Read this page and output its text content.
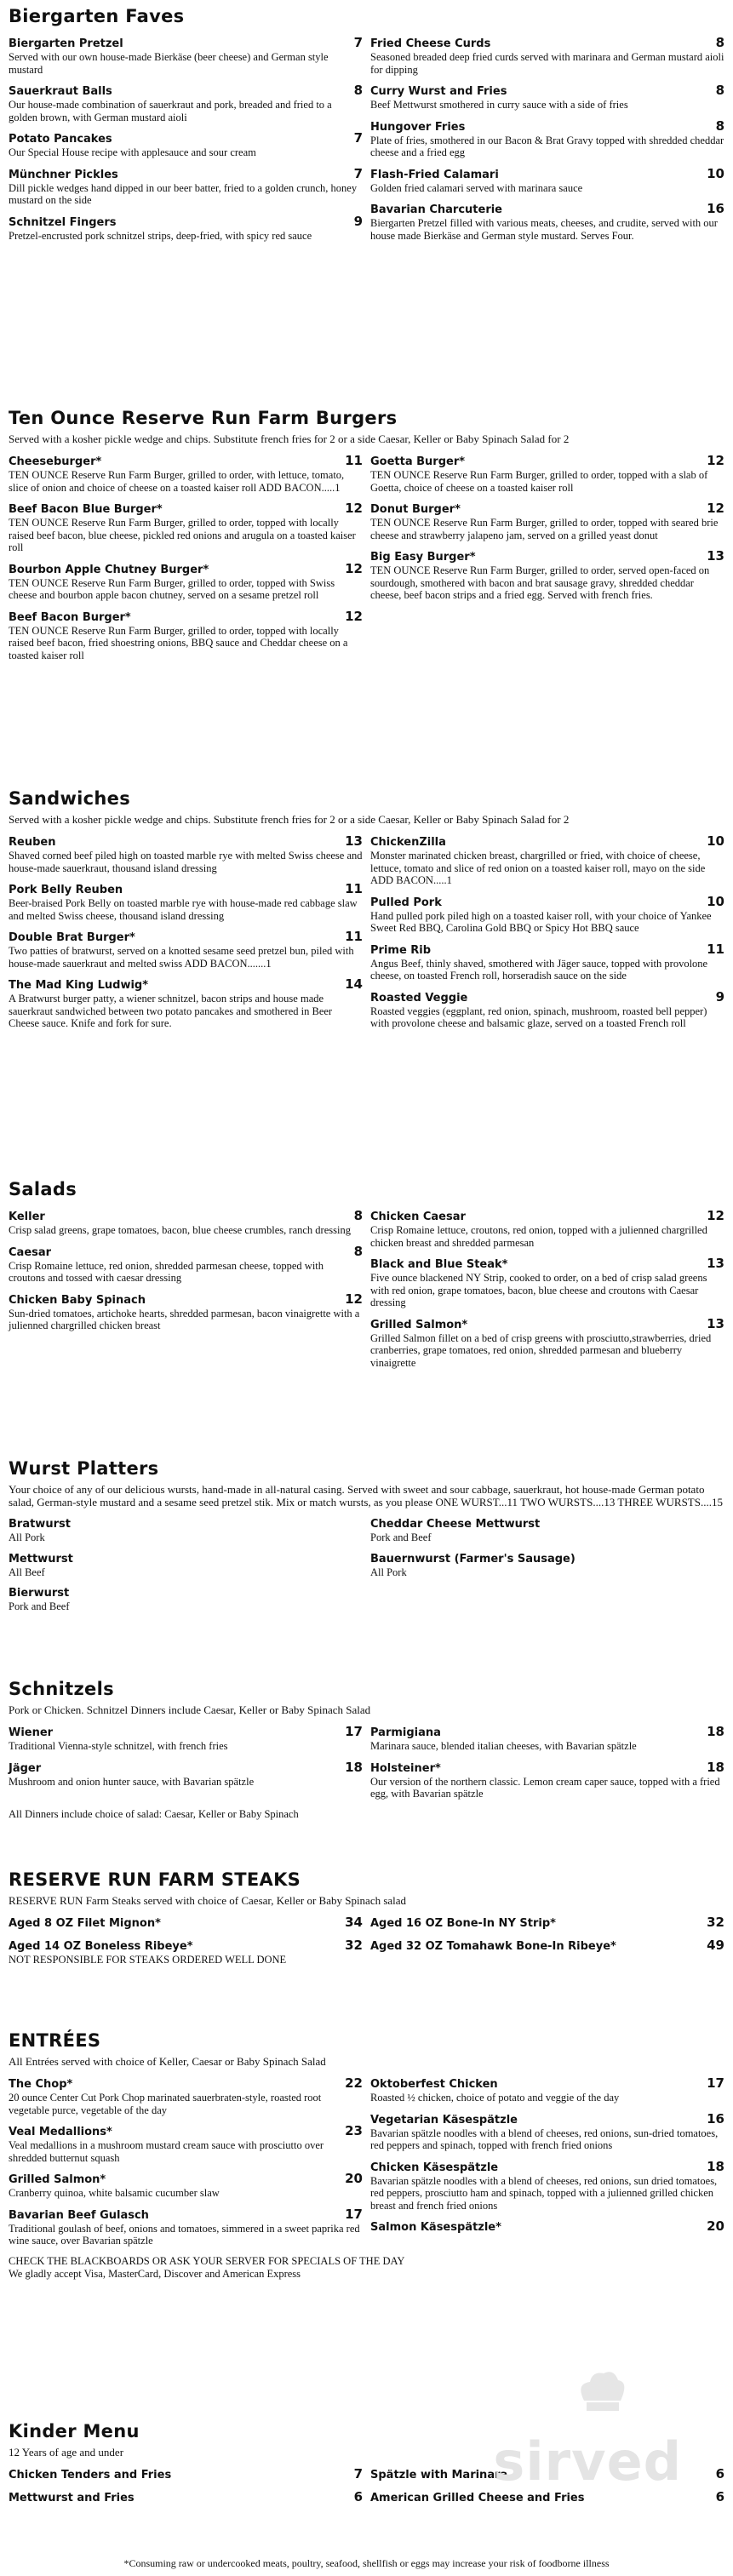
Biergarten Faves
Biergarten Pretzel	7
Served with our own house-made Bierkäse (beer cheese) and German style mustard
Sauerkraut Balls	8
Our house-made combination of sauerkraut and pork, breaded and fried to a golden brown, with German mustard aioli
Potato Pancakes	7
Our Special House recipe with applesauce and sour cream
Münchner Pickles	7
Dill pickle wedges hand dipped in our beer batter, fried to a golden crunch, honey mustard on the side
Schnitzel Fingers	9
Pretzel-encrusted pork schnitzel strips, deep-fried, with spicy red sauce
Fried Cheese Curds	8
Seasoned breaded deep fried curds served with marinara and German mustard aioli for dipping
Curry Wurst and Fries	8
Beef Mettwurst smothered in curry sauce with a side of fries
Hungover Fries	8
Plate of fries, smothered in our Bacon & Brat Gravy topped with shredded cheddar cheese and a fried egg
Flash-Fried Calamari	10
Golden fried calamari served with marinara sauce
Bavarian Charcuterie	16
Biergarten Pretzel filled with various meats, cheeses, and crudite, served with our house made Bierkäse and German style mustard. Serves Four.
Ten Ounce Reserve Run Farm Burgers

Served with a kosher pickle wedge and chips. Substitute french fries for 2 or a side Caesar, Keller or Baby Spinach Salad for 2

Cheeseburger*	11
TEN OUNCE Reserve Run Farm Burger, grilled to order, with lettuce, tomato, slice of onion and choice of cheese on a toasted kaiser roll ADD BACON.....1
Beef Bacon Blue Burger*	12
TEN OUNCE Reserve Run Farm Burger, grilled to order, topped with locally raised beef bacon, blue cheese, pickled red onions and arugula on a toasted kaiser roll
Bourbon Apple Chutney Burger*	12
TEN OUNCE Reserve Run Farm Burger, grilled to order, topped with Swiss cheese and bourbon apple bacon chutney, served on a sesame pretzel roll
Beef Bacon Burger*	12
TEN OUNCE Reserve Run Farm Burger, grilled to order, topped with locally raised beef bacon, fried shoestring onions, BBQ sauce and Cheddar cheese on a toasted kaiser roll
Goetta Burger*	12
TEN OUNCE Reserve Run Farm Burger, grilled to order, topped with a slab of Goetta, choice of cheese on a toasted kaiser roll
Donut Burger*	12
TEN OUNCE Reserve Run Farm Burger, grilled to order, topped with seared brie cheese and strawberry jalapeno jam, served on a grilled yeast donut
Big Easy Burger*	13
TEN OUNCE Reserve Run Farm Burger, grilled to order, served open-faced on sourdough, smothered with bacon and brat sausage gravy, shredded cheddar cheese, beef bacon strips and a fried egg. Served with french fries.
Sandwiches

Served with a kosher pickle wedge and chips. Substitute french fries for 2 or a side Caesar, Keller or Baby Spinach Salad for 2

Reuben	13
Shaved corned beef piled high on toasted marble rye with melted Swiss cheese and house-made sauerkraut, thousand island dressing
Pork Belly Reuben	11
Beer-braised Pork Belly on toasted marble rye with house-made red cabbage slaw and melted Swiss cheese, thousand island dressing
Double Brat Burger*	11
Two patties of bratwurst, served on a knotted sesame seed pretzel bun, piled with house-made sauerkraut and melted swiss ADD BACON.......1
The Mad King Ludwig*	14
A Bratwurst burger patty, a wiener schnitzel, bacon strips and house made sauerkraut sandwiched between two potato pancakes and smothered in Beer Cheese sauce. Knife and fork for sure.
ChickenZilla	10
Monster marinated chicken breast, chargrilled or fried, with choice of cheese, lettuce, tomato and slice of red onion on a toasted kaiser roll, mayo on the side ADD BACON.....1
Pulled Pork	10
Hand pulled pork piled high on a toasted kaiser roll, with your choice of Yankee Sweet Red BBQ, Carolina Gold BBQ or Spicy Hot BBQ sauce
Prime Rib	11
Angus Beef, thinly shaved, smothered with Jäger sauce, topped with provolone cheese, on toasted French roll, horseradish sauce on the side
Roasted Veggie	9
Roasted veggies (eggplant, red onion, spinach, mushroom, roasted bell pepper) with provolone cheese and balsamic glaze, served on a toasted French roll
Salads
Keller	8
Crisp salad greens, grape tomatoes, bacon, blue cheese crumbles, ranch dressing
Caesar	8
Crisp Romaine lettuce, red onion, shredded parmesan cheese, topped with croutons and tossed with caesar dressing
Chicken Baby Spinach	12
Sun-dried tomatoes, artichoke hearts, shredded parmesan, bacon vinaigrette with a julienned chargrilled chicken breast
Chicken Caesar	12
Crisp Romaine lettuce, croutons, red onion, topped with a julienned chargrilled chicken breast and shredded parmesan
Black and Blue Steak*	13
Five ounce blackened NY Strip, cooked to order, on a bed of crisp salad greens with red onion, grape tomatoes, bacon, blue cheese and croutons with Caesar dressing
Grilled Salmon*	13
Grilled Salmon fillet on a bed of crisp greens with prosciutto,strawberries, dried cranberries, grape tomatoes, red onion, shredded parmesan and blueberry vinaigrette
Wurst Platters

Your choice of any of our delicious wursts, hand-made in all-natural casing. Served with sweet and sour cabbage, sauerkraut, hot house-made German potato salad, German-style mustard and a sesame seed pretzel stik. Mix or match wursts, as you please ONE WURST...11 TWO WURSTS....13 THREE WURSTS....15

Bratwurst
All Pork
Mettwurst
All Beef
Bierwurst
Pork and Beef
Cheddar Cheese Mettwurst
Pork and Beef
Bauernwurst (Farmer's Sausage)
All Pork
Schnitzels

Pork or Chicken. Schnitzel Dinners include Caesar, Keller or Baby Spinach Salad

Wiener	17
Traditional Vienna-style schnitzel, with french fries
Jäger	18
Mushroom and onion hunter sauce, with Bavarian spätzle
Parmigiana	18
Marinara sauce, blended italian cheeses, with Bavarian spätzle
Holsteiner*	18
Our version of the northern classic. Lemon cream caper sauce, topped with a fried egg, with Bavarian spätzle
All Dinners include choice of salad: Caesar, Keller or Baby Spinach
RESERVE RUN FARM STEAKS

RESERVE RUN Farm Steaks served with choice of Caesar, Keller or Baby Spinach salad

Aged 8 OZ Filet Mignon*	34
Aged 14 OZ Boneless Ribeye*	32
NOT RESPONSIBLE FOR STEAKS ORDERED WELL DONE
Aged 16 OZ Bone-In NY Strip*	32
Aged 32 OZ Tomahawk Bone-In Ribeye*	49
ENTRÉES

All Entrées served with choice of Keller, Caesar or Baby Spinach Salad

The Chop*	22
20 ounce Center Cut Pork Chop marinated sauerbraten-style, roasted root vegetable purce, vegetable of the day
Veal Medallions*	23
Veal medallions in a mushroom mustard cream sauce with prosciutto over shredded butternut squash
Grilled Salmon*	20
Cranberry quinoa, white balsamic cucumber slaw
Bavarian Beef Gulasch	17
Traditional goulash of beef, onions and tomatoes, simmered in a sweet paprika red wine sauce, over Bavarian spätzle
Oktoberfest Chicken	17
Roasted ½ chicken, choice of potato and veggie of the day
Vegetarian Käsespätzle	16
Bavarian spätzle noodles with a blend of cheeses, red onions, sun-dried tomatoes, red peppers and spinach, topped with french fried onions
Chicken Käsespätzle	18
Bavarian spätzle noodles with a blend of cheeses, red onions, sun dried tomatoes, red peppers, prosciutto ham and spinach, topped with a julienned grilled chicken breast and french fried onions
Salmon Käsespätzle*	20
CHECK THE BLACKBOARDS OR ASK YOUR SERVER FOR SPECIALS OF THE DAY
We gladly accept Visa, MasterCard, Discover and American Express
Kinder Menu

12 Years of age and under

Chicken Tenders and Fries	7
Mettwurst and Fries	6
Spätzle with Marinara	6
American Grilled Cheese and Fries	6
*Consuming raw or undercooked meats, poultry, seafood, shellfish or eggs may increase your risk of foodborne illness
sirved
